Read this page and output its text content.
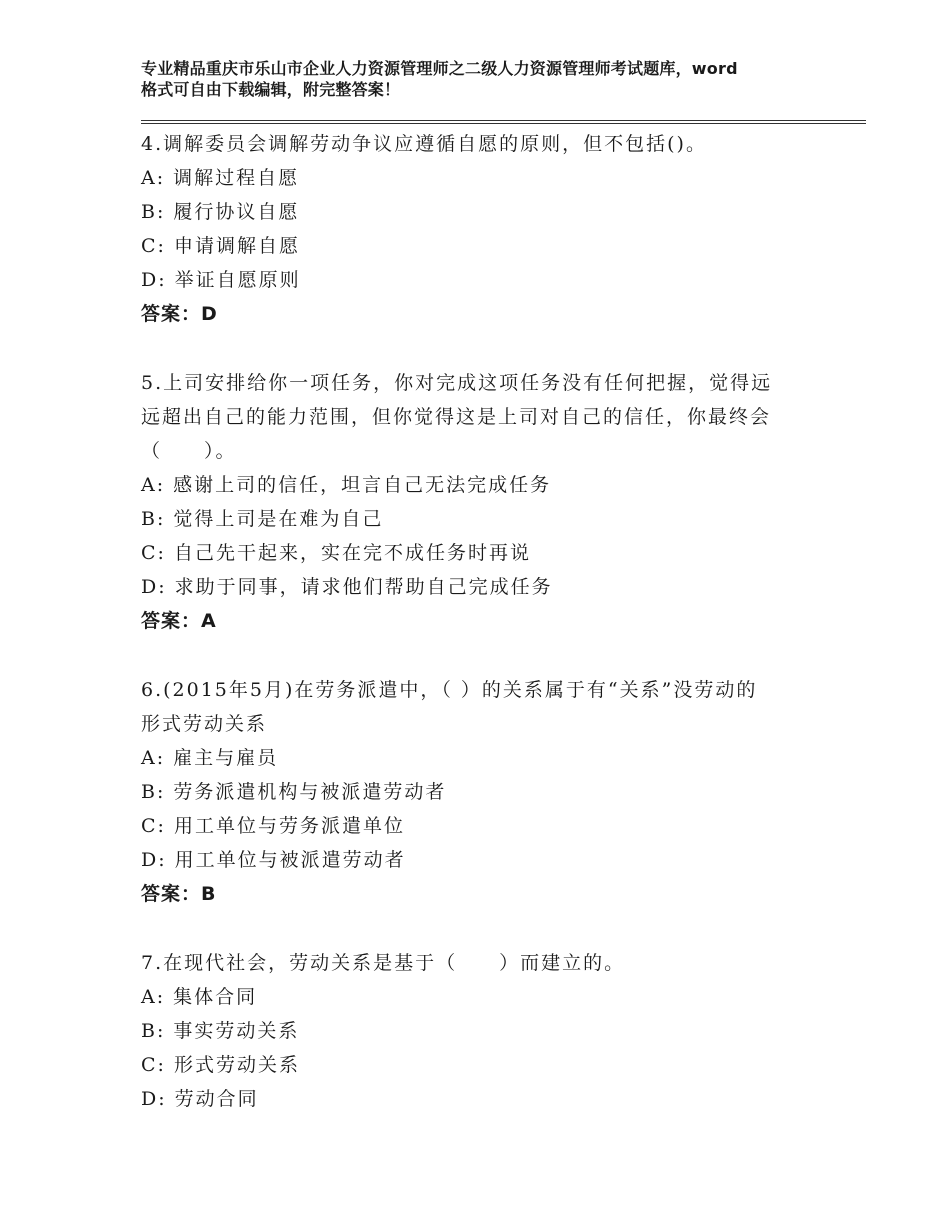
专业精品重庆市乐山市企业人力资源管理师之二级人力资源管理师考试题库，word
格式可自由下载编辑，附完整答案！
4.调解委员会调解劳动争议应遵循自愿的原则，但不包括()。
A: 调解过程自愿
B: 履行协议自愿
C: 申请调解自愿
D: 举证自愿原则
答案：D
5.上司安排给你一项任务，你对完成这项任务没有任何把握，觉得远
远超出自己的能力范围，但你觉得这是上司对自己的信任，你最终会
（　　）。
A: 感谢上司的信任，坦言自己无法完成任务
B: 觉得上司是在难为自己
C: 自己先干起来，实在完不成任务时再说
D: 求助于同事，请求他们帮助自己完成任务
答案：A
6.(2015年5月)在劳务派遣中，（ ）的关系属于有“关系”没劳动的
形式劳动关系
A: 雇主与雇员
B: 劳务派遣机构与被派遣劳动者
C: 用工单位与劳务派遣单位
D: 用工单位与被派遣劳动者
答案：B
7.在现代社会，劳动关系是基于（　　）而建立的。
A: 集体合同
B: 事实劳动关系
C: 形式劳动关系
D: 劳动合同
